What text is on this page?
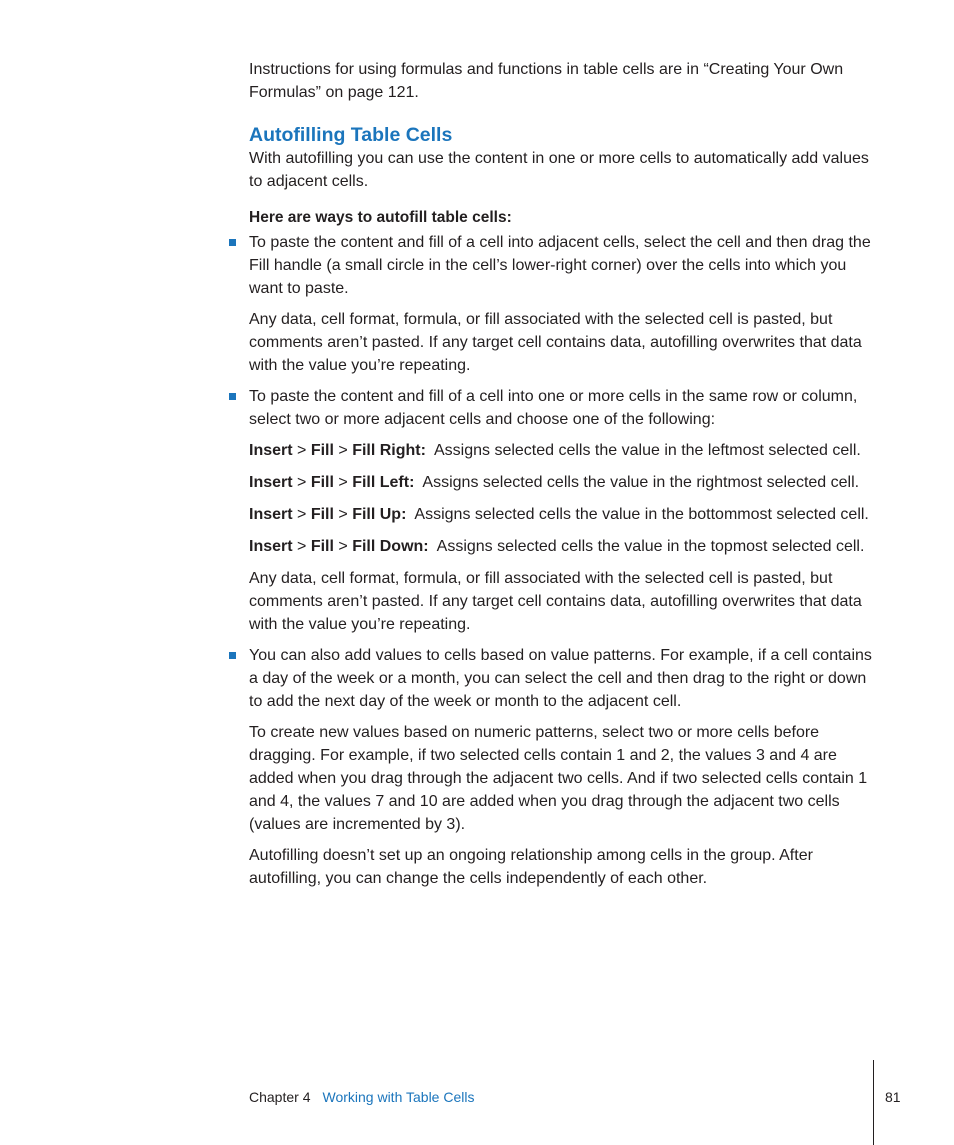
Instructions for using formulas and functions in table cells are in “Creating Your Own Formulas” on page 121.

Autofilling Table Cells

With autofilling you can use the content in one or more cells to automatically add values to adjacent cells.

Here are ways to autofill table cells:

To paste the content and fill of a cell into adjacent cells, select the cell and then drag the Fill handle (a small circle in the cell’s lower-right corner) over the cells into which you want to paste.

Any data, cell format, formula, or fill associated with the selected cell is pasted, but comments aren’t pasted. If any target cell contains data, autofilling overwrites that data with the value you’re repeating.

To paste the content and fill of a cell into one or more cells in the same row or column, select two or more adjacent cells and choose one of the following:

Insert > Fill > Fill Right: Assigns selected cells the value in the leftmost selected cell.

Insert > Fill > Fill Left: Assigns selected cells the value in the rightmost selected cell.

Insert > Fill > Fill Up: Assigns selected cells the value in the bottommost selected cell.

Insert > Fill > Fill Down: Assigns selected cells the value in the topmost selected cell.

Any data, cell format, formula, or fill associated with the selected cell is pasted, but comments aren’t pasted. If any target cell contains data, autofilling overwrites that data with the value you’re repeating.

You can also add values to cells based on value patterns. For example, if a cell contains a day of the week or a month, you can select the cell and then drag to the right or down to add the next day of the week or month to the adjacent cell.

To create new values based on numeric patterns, select two or more cells before dragging. For example, if two selected cells contain 1 and 2, the values 3 and 4 are added when you drag through the adjacent two cells. And if two selected cells contain 1 and 4, the values 7 and 10 are added when you drag through the adjacent two cells (values are incremented by 3).

Autofilling doesn’t set up an ongoing relationship among cells in the group. After autofilling, you can change the cells independently of each other.

Chapter 4 Working with Table Cells	81
